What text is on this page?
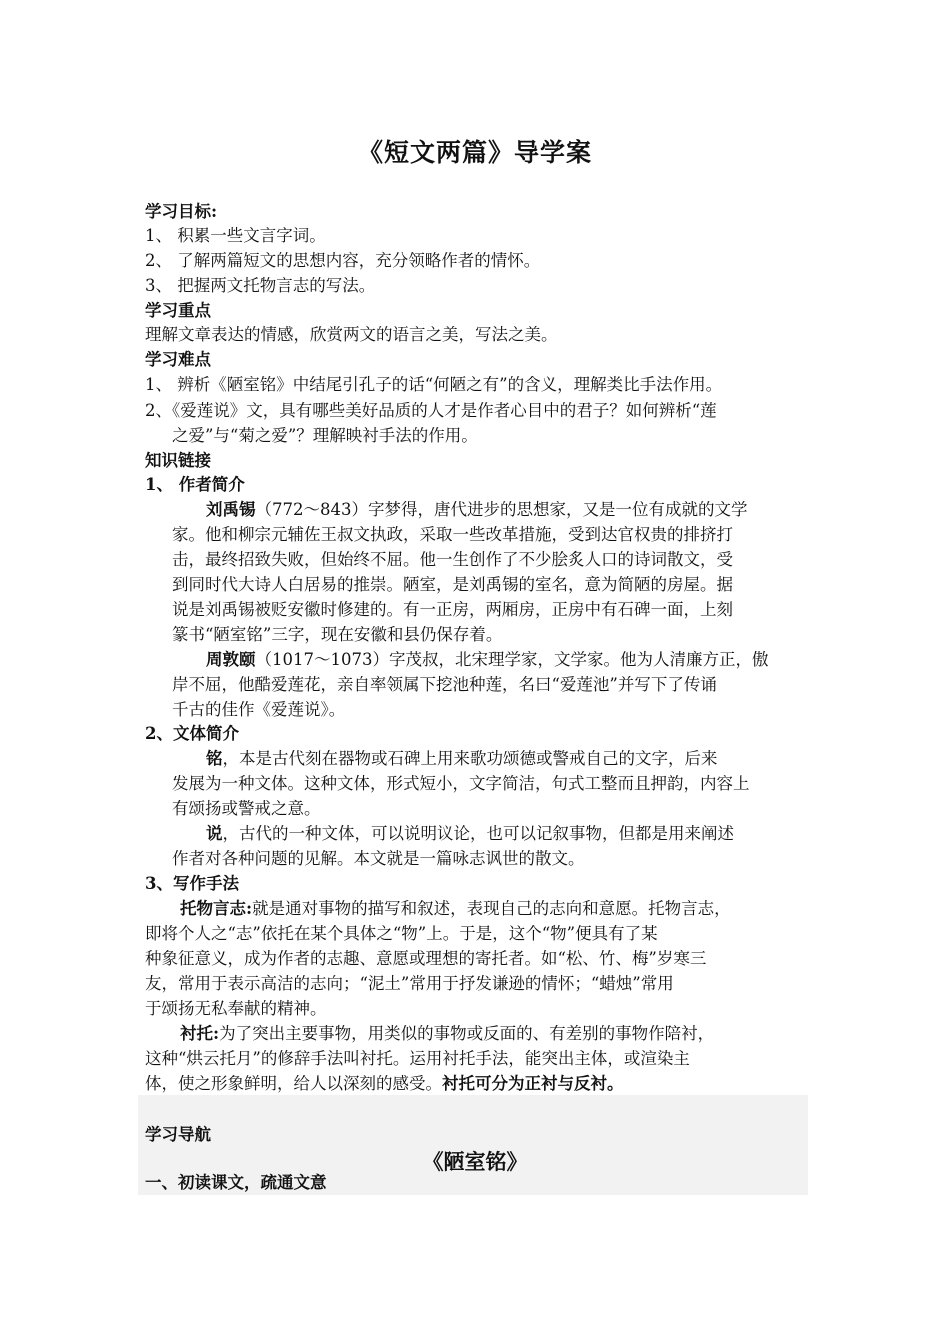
《短文两篇》导学案
学习目标:
1、 积累一些文言字词。
2、 了解两篇短文的思想内容，充分领略作者的情怀。
3、 把握两文托物言志的写法。
学习重点
理解文章表达的情感，欣赏两文的语言之美，写法之美。
学习难点
1、 辨析《陋室铭》中结尾引孔子的话“何陋之有”的含义，理解类比手法作用。
2、《爱莲说》文，具有哪些美好品质的人才是作者心目中的君子？如何辨析“莲
之爱”与“菊之爱”？理解映衬手法的作用。
知识链接
1、 作者简介
刘禹锡（772～843）字梦得，唐代进步的思想家，又是一位有成就的文学
家。他和柳宗元辅佐王叔文执政，采取一些改革措施，受到达官权贵的排挤打
击，最终招致失败，但始终不屈。他一生创作了不少脍炙人口的诗词散文，受
到同时代大诗人白居易的推崇。陋室，是刘禹锡的室名，意为简陋的房屋。据
说是刘禹锡被贬安徽时修建的。有一正房，两厢房，正房中有石碑一面，上刻
篆书“陋室铭”三字，现在安徽和县仍保存着。
周敦颐（1017～1073）字茂叔，北宋理学家，文学家。他为人清廉方正，傲
岸不屈，他酷爱莲花，亲自率领属下挖池种莲，名曰“爱莲池”并写下了传诵
千古的佳作《爱莲说》。
2、文体简介
铭，本是古代刻在器物或石碑上用来歌功颂德或警戒自己的文字，后来
发展为一种文体。这种文体，形式短小，文字简洁，句式工整而且押韵，内容上
有颂扬或警戒之意。
说，古代的一种文体，可以说明议论，也可以记叙事物，但都是用来阐述
作者对各种问题的见解。本文就是一篇咏志讽世的散文。
3、写作手法
托物言志:就是通对事物的描写和叙述，表现自己的志向和意愿。托物言志，
即将个人之“志”依托在某个具体之“物”上。于是，这个“物”便具有了某
种象征意义，成为作者的志趣、意愿或理想的寄托者。如“松、竹、梅”岁寒三
友，常用于表示高洁的志向；“泥土”常用于抒发谦逊的情怀；“蜡烛”常用
于颂扬无私奉献的精神。
衬托:为了突出主要事物，用类似的事物或反面的、有差别的事物作陪衬，
这种“烘云托月”的修辞手法叫衬托。运用衬托手法，能突出主体，或渲染主
体，使之形象鲜明，给人以深刻的感受。衬托可分为正衬与反衬。
学习导航
《陋室铭》
一、初读课文，疏通文意
